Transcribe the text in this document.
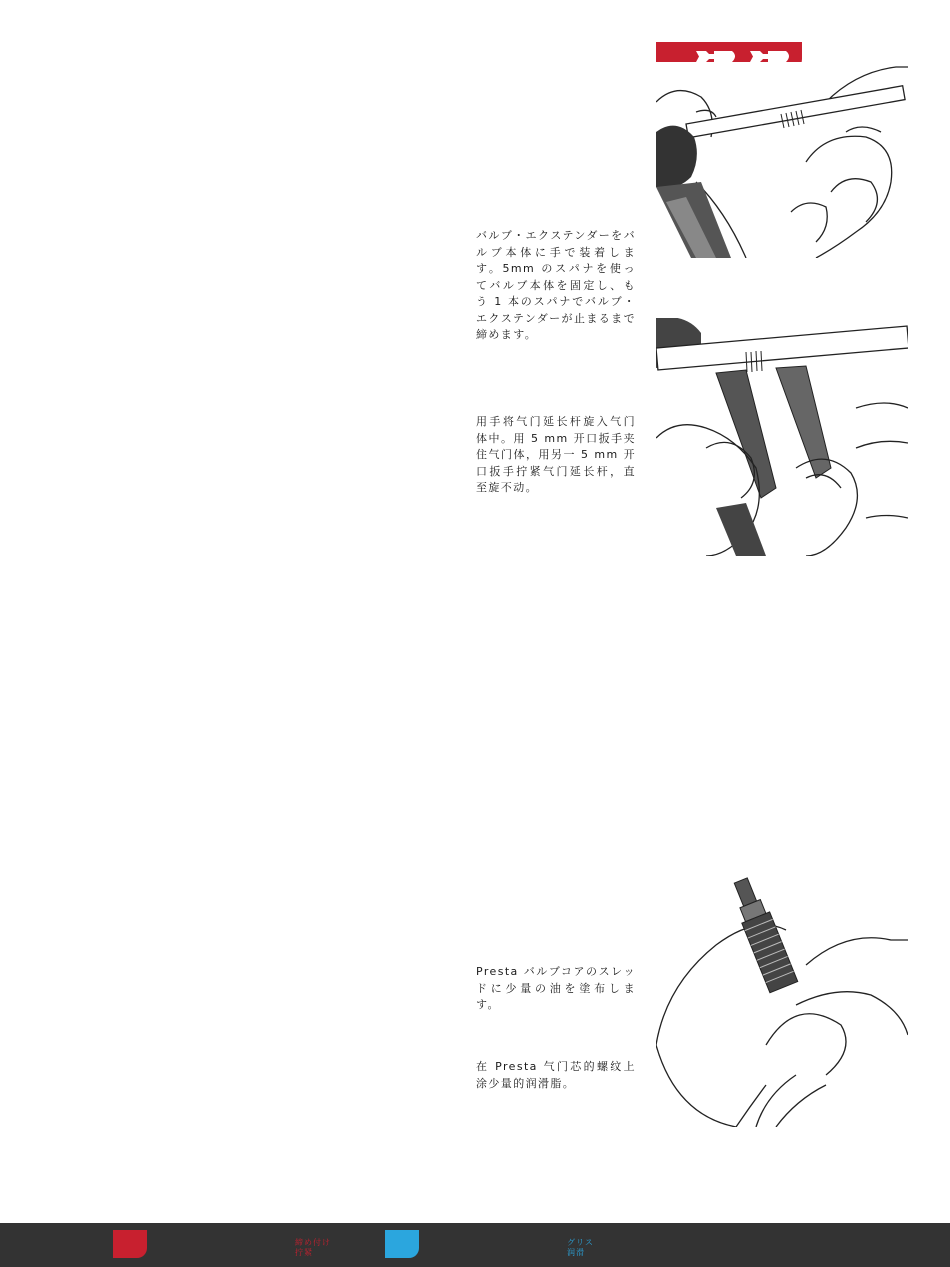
バルブ・エクステンダーをバルブ本体に手で装着します。5mm のスパナを使ってバルブ本体を固定し、もう 1 本のスパナでバルブ・エクステンダーが止まるまで締めます。

用手将气门延长杆旋入气门体中。用 5 mm 开口扳手夹住气门体，用另一 5 mm 开口扳手拧紧气门延长杆，直至旋不动。

Presta バルブコアのスレッドに少量の油を塗布します。

在 Presta 气门芯的螺纹上涂少量的润滑脂。

締め付け
拧紧
グリス
润滑
